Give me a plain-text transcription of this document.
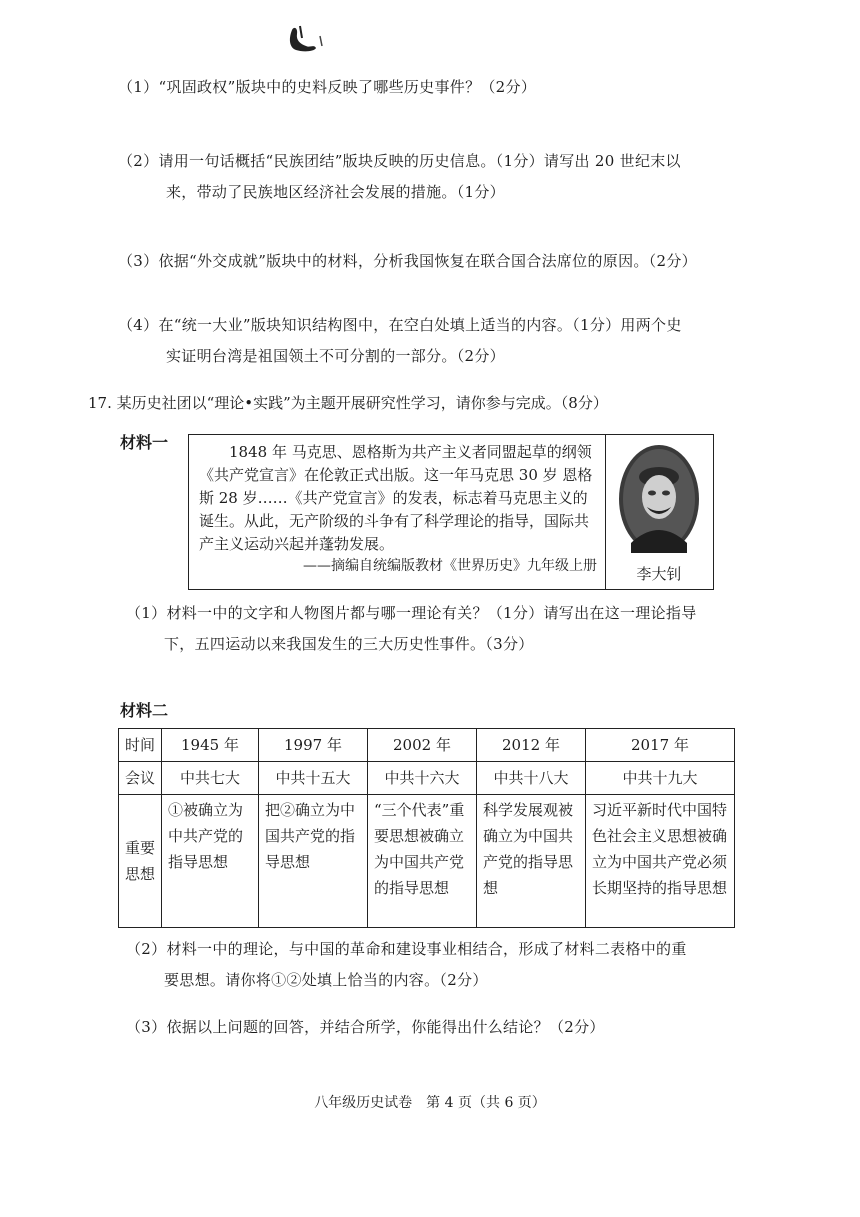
（1）“巩固政权”版块中的史料反映了哪些历史事件？（2分）
（2）请用一句话概括“民族团结”版块反映的历史信息。（1分）请写出 20 世纪末以
来，带动了民族地区经济社会发展的措施。（1分）
（3）依据“外交成就”版块中的材料，分析我国恢复在联合国合法席位的原因。（2分）
（4）在“统一大业”版块知识结构图中，在空白处填上适当的内容。（1分）用两个史
实证明台湾是祖国领土不可分割的一部分。（2分）
17. 某历史社团以“理论•实践”为主题开展研究性学习，请你参与完成。（8分）
材料一	1848 年 马克思、恩格斯为共产主义者同盟起草的纲领《共产党宣言》在伦敦正式出版。这一年马克思 30 岁 恩格斯 28 岁……《共产党宣言》的发表，标志着马克思主义的诞生。从此，无产阶级的斗争有了科学理论的指导，国际共产主义运动兴起并蓬勃发展。

——摘编自统编版教材《世界历史》九年级上册	李大钊
（1）材料一中的文字和人物图片都与哪一理论有关？（1分）请写出在这一理论指导
下，五四运动以来我国发生的三大历史性事件。（3分）
材料二
时间	1945 年	1997 年	2002 年	2012 年	2017 年
会议	中共七大	中共十五大	中共十六大	中共十八大	中共十九大

重要思想	①被确立为中共产党的指导思想	把②确立为中国共产党的指导思想	“三个代表”重要思想被确立为中国共产党的指导思想	科学发展观被确立为中国共产党的指导思想	习近平新时代中国特色社会主义思想被确立为中国共产党必须长期坚持的指导思想
（2）材料一中的理论，与中国的革命和建设事业相结合，形成了材料二表格中的重
要思想。请你将①②处填上恰当的内容。（2分）
（3）依据以上问题的回答，并结合所学，你能得出什么结论？（2分）
八年级历史试卷　第 4 页（共 6 页）
